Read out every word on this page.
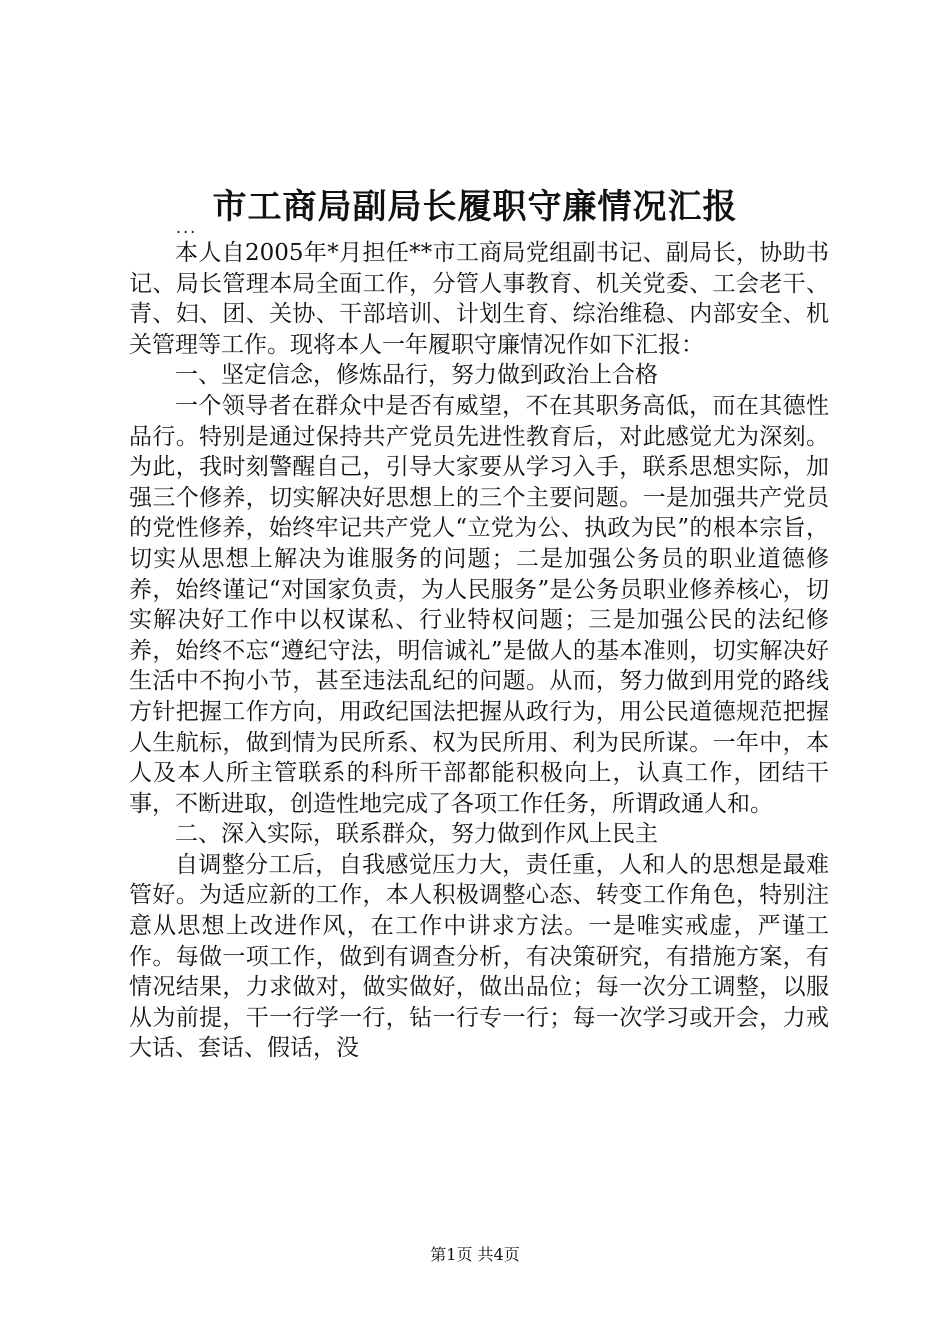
市工商局副局长履职守廉情况汇报
...

本人自2005年*月担任**市工商局党组副书记、副局长，协助书记、局长管理本局全面工作，分管人事教育、机关党委、工会老干、青、妇、团、关协、干部培训、计划生育、综治维稳、内部安全、机关管理等工作。现将本人一年履职守廉情况作如下汇报：

一、坚定信念，修炼品行，努力做到政治上合格

一个领导者在群众中是否有威望，不在其职务高低，而在其德性品行。特别是通过保持共产党员先进性教育后，对此感觉尤为深刻。为此，我时刻警醒自己，引导大家要从学习入手，联系思想实际，加强三个修养，切实解决好思想上的三个主要问题。一是加强共产党员的党性修养，始终牢记共产党人“立党为公、执政为民”的根本宗旨，切实从思想上解决为谁服务的问题；二是加强公务员的职业道德修养，始终谨记“对国家负责，为人民服务”是公务员职业修养核心，切实解决好工作中以权谋私、行业特权问题；三是加强公民的法纪修养，始终不忘“遵纪守法，明信诚礼”是做人的基本准则，切实解决好生活中不拘小节，甚至违法乱纪的问题。从而，努力做到用党的路线方针把握工作方向，用政纪国法把握从政行为，用公民道德规范把握人生航标，做到情为民所系、权为民所用、利为民所谋。一年中，本人及本人所主管联系的科所干部都能积极向上，认真工作，团结干事，不断进取，创造性地完成了各项工作任务，所谓政通人和。

二、深入实际，联系群众，努力做到作风上民主

自调整分工后，自我感觉压力大，责任重，人和人的思想是最难管好。为适应新的工作，本人积极调整心态、转变工作角色，特别注意从思想上改进作风，在工作中讲求方法。一是唯实戒虚，严谨工作。每做一项工作，做到有调查分析，有决策研究，有措施方案，有情况结果，力求做对，做实做好，做出品位；每一次分工调整，以服从为前提，干一行学一行，钻一行专一行；每一次学习或开会，力戒大话、套话、假话，没

第1页 共4页
